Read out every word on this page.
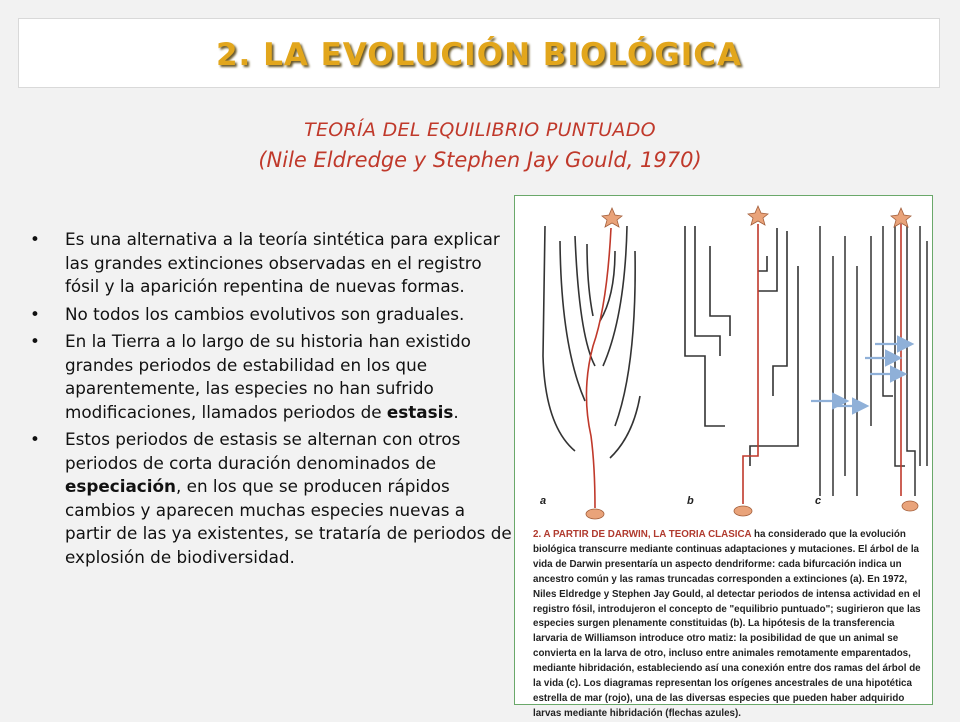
2. LA EVOLUCIÓN BIOLÓGICA
TEORÍA DEL EQUILIBRIO PUNTUADO
(Nile Eldredge y Stephen Jay Gould, 1970)
• Es una alternativa a la teoría sintética para explicar las grandes extinciones observadas en el registro fósil y la aparición repentina de nuevas formas.
• No todos los cambios evolutivos son graduales.
• En la Tierra a lo largo de su historia han existido grandes periodos de estabilidad en los que aparentemente, las especies no han sufrido modificaciones, llamados periodos de estasis.
• Estos periodos de estasis se alternan con otros periodos de corta duración denominados de especiación, en los que se producen rápidos cambios y aparecen muchas especies nuevas a partir de las ya existentes, se trataría de periodos de explosión de biodiversidad.
a	b	c
2. A PARTIR DE DARWIN, LA TEORIA CLASICA ha considerado que la evolución biológica transcurre mediante continuas adaptaciones y mutaciones. El árbol de la vida de Darwin presentaría un aspecto dendriforme: cada bifurcación indica un ancestro común y las ramas truncadas corresponden a extinciones (a). En 1972, Niles Eldredge y Stephen Jay Gould, al detectar periodos de intensa actividad en el registro fósil, introdujeron el concepto de "equilibrio puntuado"; sugirieron que las especies surgen plenamente constituidas (b). La hipótesis de la transferencia larvaria de Williamson introduce otro matiz: la posibilidad de que un animal se convierta en la larva de otro, incluso entre animales remotamente emparentados, mediante hibridación, estableciendo así una conexión entre dos ramas del árbol de la vida (c). Los diagramas representan los orígenes ancestrales de una hipotética estrella de mar (rojo), una de las diversas especies que pueden haber adquirido larvas mediante hibridación (flechas azules).
